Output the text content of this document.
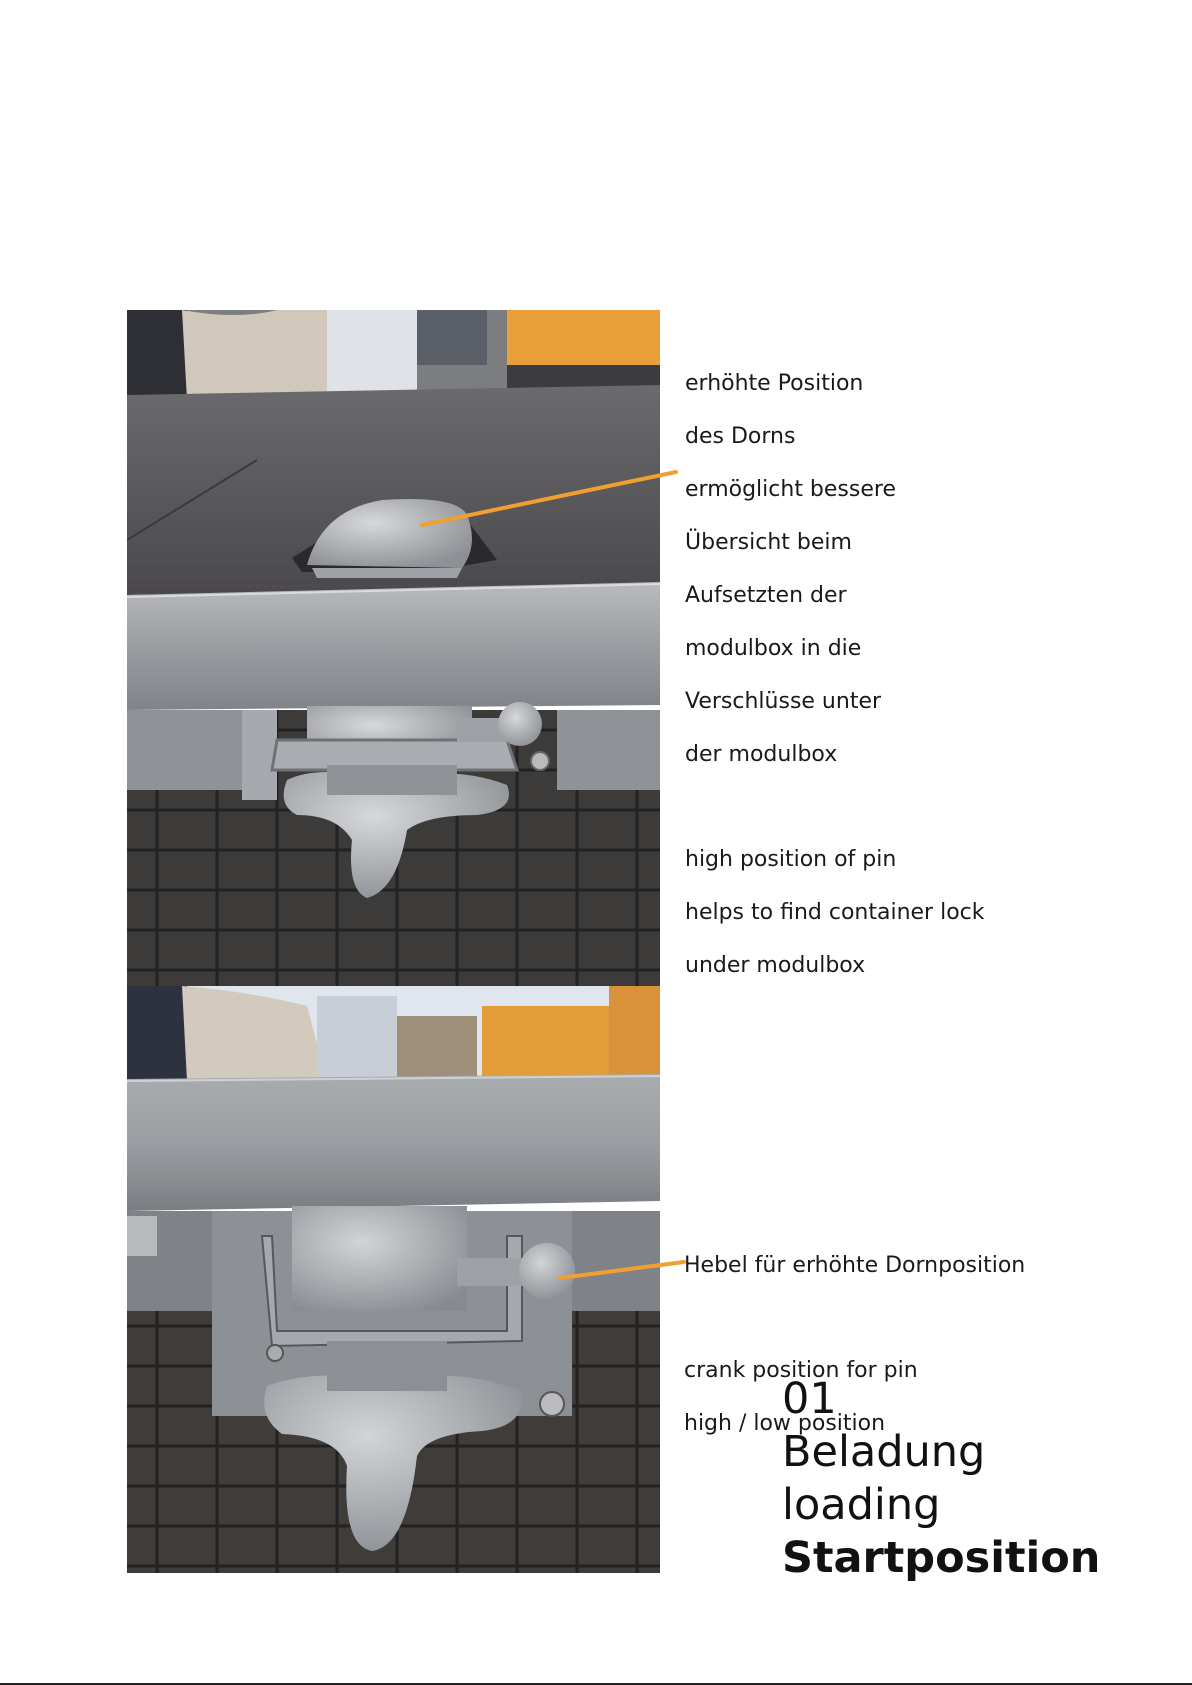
erhöhte Position

des Dorns

ermöglicht bessere

Übersicht beim

Aufsetzten der

modulbox in die

Verschlüsse unter

der modulbox

high position of pin

helps to find container lock

under modulbox

Hebel für erhöhte Dornposition

crank position for pin

high / low position

01
Beladung
loading
Startposition
